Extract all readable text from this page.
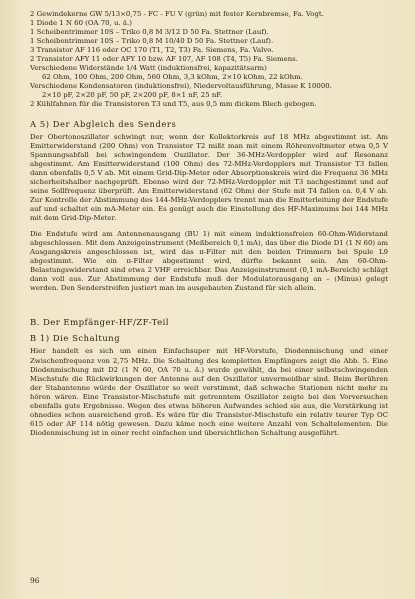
2 Gewindekerne GW 5/13×0,75 - FC - FU V (grün) mit fester Kernbremse, Fa. Vogt.
1 Diode 1 N 60 (OA 70, u. ä.)
1 Scheibentrimmer 10S – Triko 0,8 M 3/12 D 50 Fa. Stettner (Lauf).
1 Scheibentrimmer 10S – Triko 0,8 M 10/40 D 50 Fa. Stettner (Lauf).
3 Transistor AF 116 oder OC 170 (T1, T2, T3) Fa. Siemens, Fa. Valvo.
2 Transistor AFY 11 oder AFY 10 bzw. AF 107, AF 108 (T4, T5) Fa. Siemens.
Verschiedene Widerstände 1/4 Watt (induktionsfrei, kapazitätsarm)
62 Ohm, 100 Ohm, 200 Ohm, 560 Ohm, 3,3 kOhm, 2×10 kOhm, 22 kOhm.
Verschiedene Kondensatoren (induktionsfrei), Niedervoltausführung, Masse K 10000.
2×10 pF, 2×20 pF, 50 pF, 2×200 pF, 8×1 nF, 25 nF.
2 Kühlfahnen für die Transistoren T3 und T5, aus 0,5 mm dickem Blech gebogen.
A 5) Der Abgleich des Senders

Der Obertonoszillator schwingt nur, wenn der Kollektorkreis auf 18 MHz abgestimmt ist. Am Emitterwiderstand (200 Ohm) von Transistor T2 mißt man mit einem Röhrenvoltmeter etwa 0,5 V Spannungsabfall bei schwingendem Oszillator. Der 36-MHz-Verdoppler wird auf Resonanz abgestimmt. Am Emitterwiderstand (100 Ohm) des 72-MHz-Verdopplers mit Transistor T3 fallen dann ebenfalls 0,5 V ab. Mit einem Grid-Dip-Meter oder Absorptionskreis wird die Frequenz 36 MHz sicherheitshalber nachgeprüft. Ebenso wird der 72-MHz-Verdoppler mit T3 nachgestimmt und auf seine Sollfrequenz überprüft. Am Emitterwiderstand (62 Ohm) der Stufe mit T4 fallen ca. 0,4 V ab. Zur Kontrolle der Abstimmung des 144-MHz-Verdopplers trennt man die Emitterleitung der Endstufe auf und schaltet ein mA-Meter ein. Es genügt auch die Einstellung des HF-Maximums bei 144 MHz mit dem Grid-Dip-Meter.

Die Endstufe wird am Antennenausgang (BU 1) mit einem induktionsfreien 60-Ohm-Widerstand abgeschlossen. Mit dem Anzeigeinstrument (Meßbereich 0,1 mA), das über die Diode D1 (1 N 60) am Ausgangskreis angeschlossen ist, wird das π-Filter mit den beiden Trimmern bei Spule L9 abgestimmt. Wie ein π-Filter abgestimmt wird, dürfte bekannt sein. Am 60-Ohm-Belastungswiderstand sind etwa 2 VHF erreichbar. Das Anzeigeinstrument (0,1 mA-Bereich) schlägt dann voll aus. Zur Abstimmung der Endstufe muß der Modulatorausgang an – (Minus) gelegt werden. Den Senderstreifen justiert man im ausgebauten Zustand für sich allein.

B. Der Empfänger-HF/ZF-Teil
B 1) Die Schaltung

Hier handelt es sich um einen Einfachsuper mit HF-Vorstufe, Diodenmischung und einer Zwischenfrequenz von 2,75 MHz. Die Schaltung des kompletten Empfängers zeigt die Abb. 5. Eine Diodenmischung mit D2 (1 N 60, OA 70 u. ä.) wurde gewählt, da bei einer selbstschwingenden Mischstufe die Rückwirkungen der Antenne auf den Oszillator unvermeidbar sind. Beim Berühren der Stabantenne würde der Oszillator so weit verstimmt, daß schwache Stationen nicht mehr zu hören wären. Eine Transistor-Mischstufe mit getrenntem Oszillator zeigte bei den Vorversuchen ebenfalls gute Ergebnisse. Wegen des etwas höheren Aufwandes schied sie aus, die Verstärkung ist ohnedies schon ausreichend groß. Es wäre für die Transistor-Mischstufe ein relativ teurer Typ OC 615 oder AF 114 nötig gewesen. Dazu käme noch eine weitere Anzahl von Schaltelementen. Die Diodenmischung ist in einer recht einfachen und übersichtlichen Schaltung ausgeführt.

96
